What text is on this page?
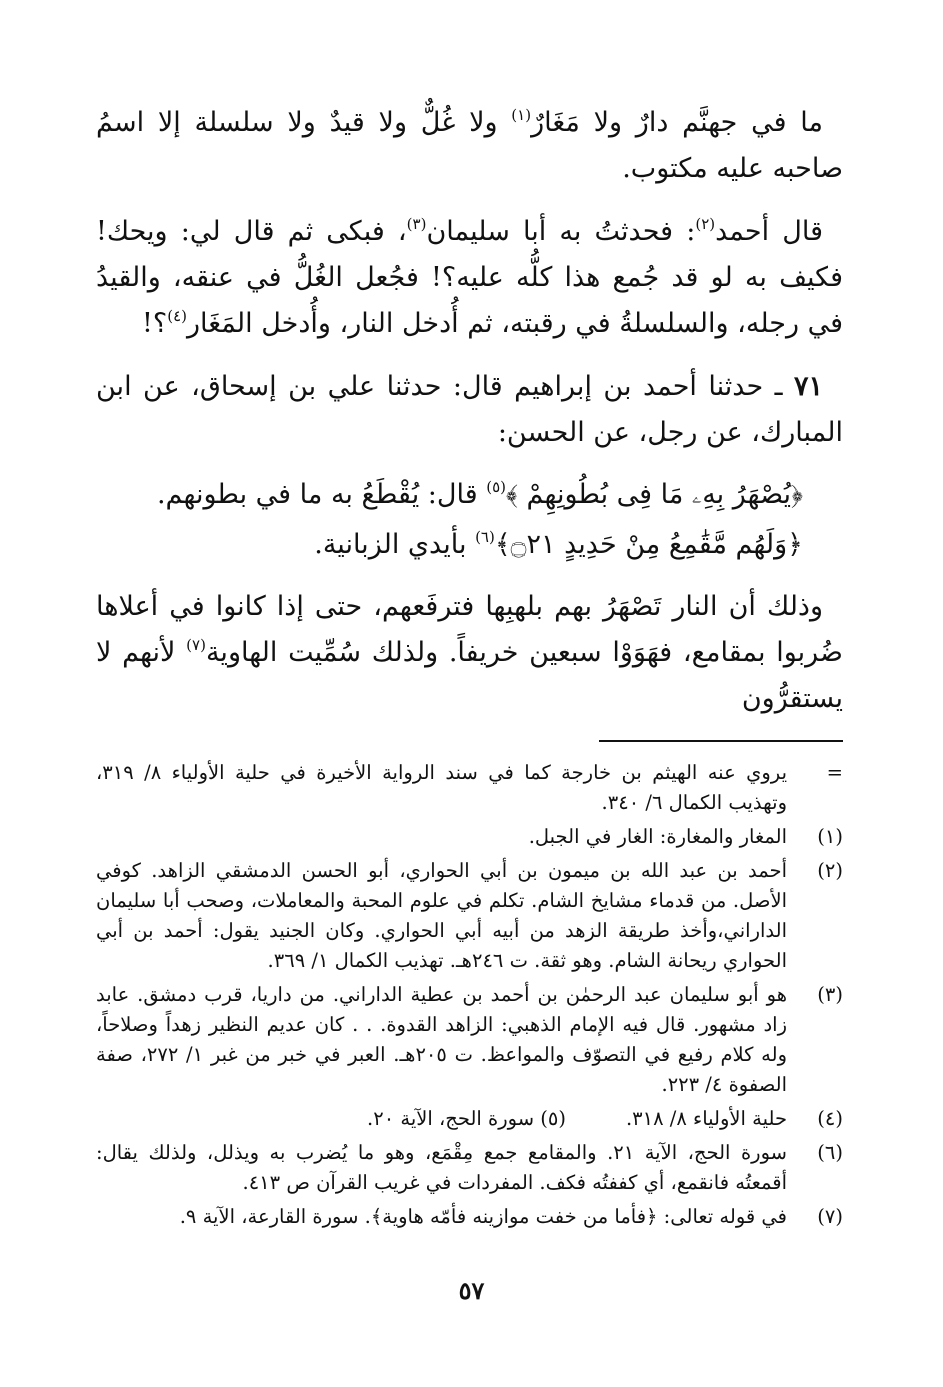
ما في جهنَّم دارٌ ولا مَغَارٌ$^{(١)}$ ولا غُلٌّ ولا قيدٌ ولا سلسلة إلا اسمُ صاحبه عليه مكتوب.

قال أحمد$^{(٢)}$: فحدثتُ به أبا سليمان$^{(٣)}$، فبكى ثم قال لي: ويحك! فكيف به لو قد جُمع هذا كلُّه عليه؟! فجُعل الغُلُّ في عنقه، والقيدُ في رجله، والسلسلةُ في رقبته، ثم أُدخل النار، وأُدخل المَغَار$^{(٤)}$؟!

٧١ ـ حدثنا أحمد بن إبراهيم قال: حدثنا علي بن إسحاق، عن ابن المبارك، عن رجل، عن الحسن:

﴿يُصْهَرُ بِهِۦ مَا فِى بُطُونِهِمْ ﴾$^{(٥)}$ قال: يُقْطَعُ به ما في بطونهم.

﴿وَلَهُم مَّقَٰمِعُ مِنْ حَدِيدٍ ۝٢١﴾$^{(٦)}$ بأيدي الزبانية.

وذلك أن النار تَصْهَرُ بهم بلهبِها فترفَعهم، حتى إذا كانوا في أعلاها ضُربوا بمقامع، فهَوَوْا سبعين خريفاً. ولذلك سُمِّيت الهاوية$^{(٧)}$ لأنهم لا يستقرُّون

=
يروي عنه الهيثم بن خارجة كما في سند الرواية الأخيرة في حلية الأولياء ٨/ ٣١٩، وتهذيب الكمال ٦/ ٣٤٠.
(١)
المغار والمغارة: الغار في الجبل.
(٢)
أحمد بن عبد الله بن ميمون بن أبي الحواري، أبو الحسن الدمشقي الزاهد. كوفي الأصل. من قدماء مشايخ الشام. تكلم في علوم المحبة والمعاملات، وصحب أبا سليمان الداراني،وأخذ طريقة الزهد من أبيه أبي الحواري. وكان الجنيد يقول: أحمد بن أبي الحواري ريحانة الشام. وهو ثقة. ت ٢٤٦هـ. تهذيب الكمال ١/ ٣٦٩.
(٣)
هو أبو سليمان عبد الرحمٰن بن أحمد بن عطية الداراني. من داريا، قرب دمشق. عابد زاد مشهور. قال فيه الإمام الذهبي: الزاهد القدوة. . . كان عديم النظير زهداً وصلاحاً، وله كلام رفيع في التصوّف والمواعظ. ت ٢٠٥هـ. العبر في خبر من غبر ١/ ٢٧٢، صفة الصفوة ٤/ ٢٢٣.
(٤)
حلية الأولياء ٨/ ٣١٨.(٥) سورة الحج، الآية ٢٠.
(٦)
سورة الحج، الآية ٢١. والمقامع جمع مِقْمَع، وهو ما يُضرب به ويذلل، ولذلك يقال: أقمعتُه فانقمع، أي كففتُه فكف. المفردات في غريب القرآن ص ٤١٣.
(٧)
في قوله تعالى: ﴿فأما من خفت موازينه فأمّه هاوية﴾. سورة القارعة، الآية ٩.
٥٧
